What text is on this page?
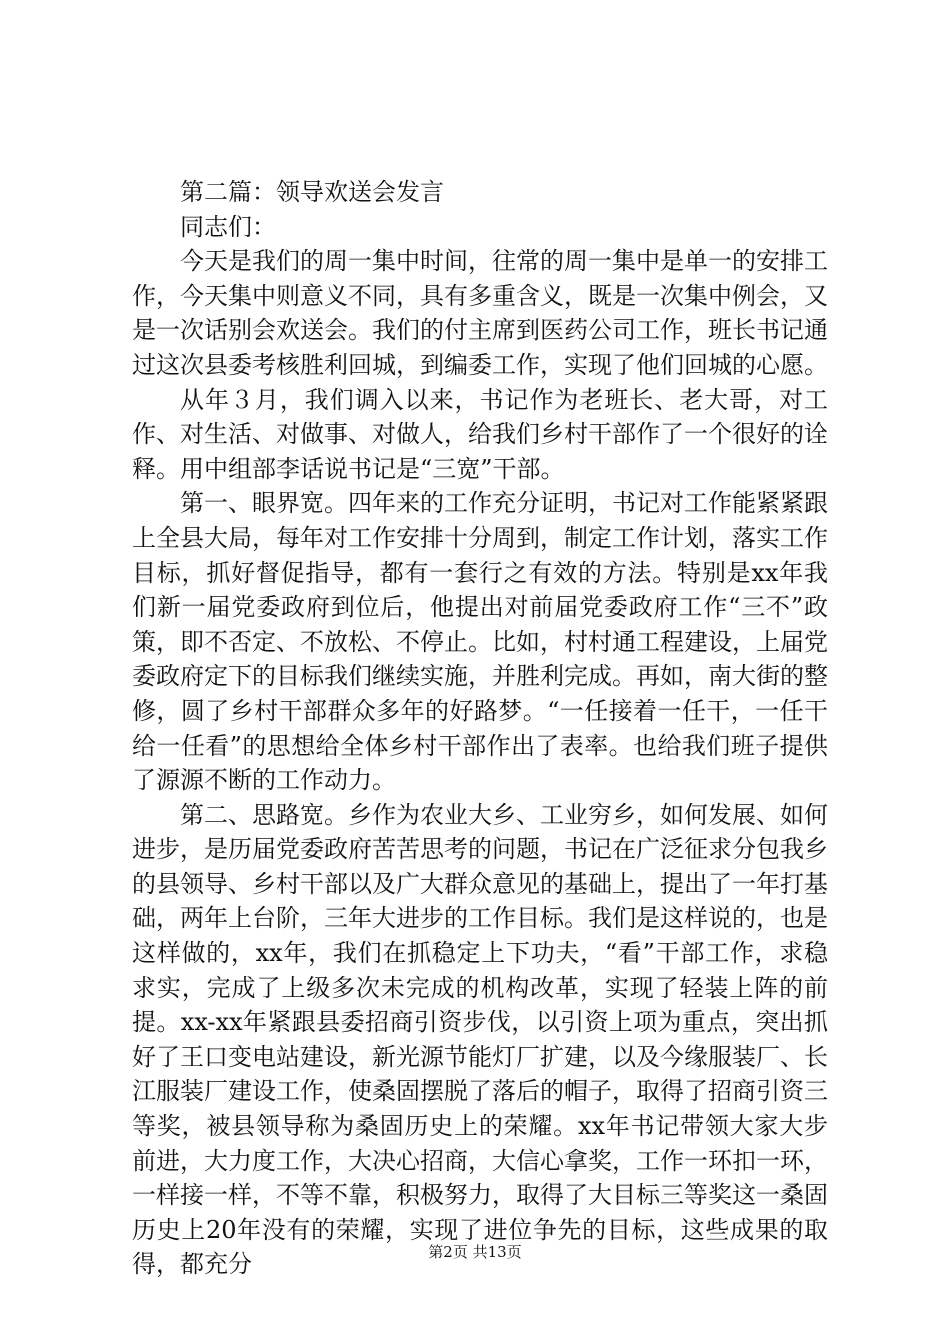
第二篇：领导欢送会发言

同志们：

今天是我们的周一集中时间，往常的周一集中是单一的安排工作，今天集中则意义不同，具有多重含义，既是一次集中例会，又是一次话别会欢送会。我们的付主席到医药公司工作，班长书记通过这次县委考核胜利回城，到编委工作，实现了他们回城的心愿。

从年３月，我们调入以来，书记作为老班长、老大哥，对工作、对生活、对做事、对做人，给我们乡村干部作了一个很好的诠释。用中组部李话说书记是“三宽”干部。

第一、眼界宽。四年来的工作充分证明，书记对工作能紧紧跟上全县大局，每年对工作安排十分周到，制定工作计划，落实工作目标，抓好督促指导，都有一套行之有效的方法。特别是xx年我们新一届党委政府到位后，他提出对前届党委政府工作“三不”政策，即不否定、不放松、不停止。比如，村村通工程建设，上届党委政府定下的目标我们继续实施，并胜利完成。再如，南大街的整修，圆了乡村干部群众多年的好路梦。“一任接着一任干，一任干给一任看”的思想给全体乡村干部作出了表率。也给我们班子提供了源源不断的工作动力。

第二、思路宽。乡作为农业大乡、工业穷乡，如何发展、如何进步，是历届党委政府苦苦思考的问题，书记在广泛征求分包我乡的县领导、乡村干部以及广大群众意见的基础上，提出了一年打基础，两年上台阶，三年大进步的工作目标。我们是这样说的，也是这样做的，xx年，我们在抓稳定上下功夫，“看”干部工作，求稳求实，完成了上级多次未完成的机构改革，实现了轻装上阵的前提。xx-xx年紧跟县委招商引资步伐，以引资上项为重点，突出抓好了王口变电站建设，新光源节能灯厂扩建，以及今缘服装厂、长江服装厂建设工作，使桑固摆脱了落后的帽子，取得了招商引资三等奖，被县领导称为桑固历史上的荣耀。xx年书记带领大家大步前进，大力度工作，大决心招商，大信心拿奖，工作一环扣一环，一样接一样，不等不靠，积极努力，取得了大目标三等奖这一桑固历史上20年没有的荣耀，实现了进位争先的目标，这些成果的取得，都充分	第2页 共13页
